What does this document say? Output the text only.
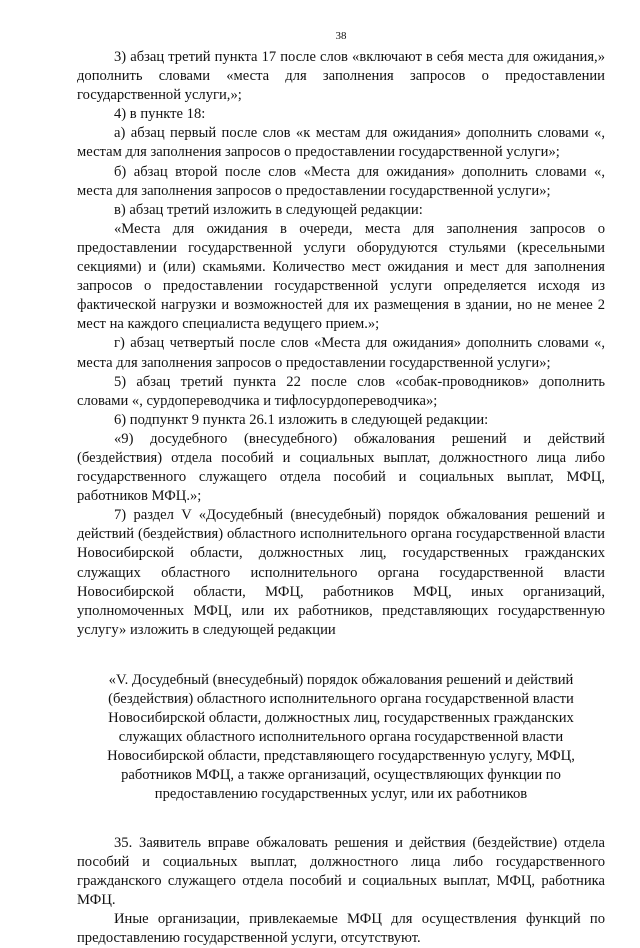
38

3) абзац третий пункта 17 после слов «включают в себя места для ожидания,» дополнить словами «места для заполнения запросов о предоставлении государственной услуги,»;

4) в пункте 18:

а) абзац первый после слов «к местам для ожидания» дополнить словами «, местам для заполнения запросов о предоставлении государственной услуги»;

б) абзац второй после слов «Места для ожидания» дополнить словами «, места для заполнения запросов о предоставлении государственной услуги»;

в) абзац третий изложить в следующей редакции:

«Места для ожидания в очереди, места для заполнения запросов о предоставлении государственной услуги оборудуются стульями (кресельными секциями) и (или) скамьями. Количество мест ожидания и мест для заполнения запросов о предоставлении государственной услуги определяется исходя из фактической нагрузки и возможностей для их размещения в здании, но не менее 2 мест на каждого специалиста ведущего прием.»;

г) абзац четвертый после слов «Места для ожидания» дополнить словами «, места для заполнения запросов о предоставлении государственной услуги»;

5) абзац третий пункта 22 после слов «собак-проводников» дополнить словами «, сурдопереводчика и тифлосурдопереводчика»;

6) подпункт 9 пункта 26.1 изложить в следующей редакции:

«9) досудебного (внесудебного) обжалования решений и действий (бездействия) отдела пособий и социальных выплат, должностного лица либо государственного служащего отдела пособий и социальных выплат, МФЦ, работников МФЦ.»;

7) раздел V «Досудебный (внесудебный) порядок обжалования решений и действий (бездействия) областного исполнительного органа государственной власти Новосибирской области, должностных лиц, государственных гражданских служащих областного исполнительного органа государственной власти Новосибирской области, МФЦ, работников МФЦ, иных организаций, уполномоченных МФЦ, или их работников, представляющих государственную услугу» изложить в следующей редакции

«V. Досудебный (внесудебный) порядок обжалования решений и действий (бездействия) областного исполнительного органа государственной власти Новосибирской области, должностных лиц, государственных гражданских служащих областного исполнительного органа государственной власти Новосибирской области, представляющего государственную услугу, МФЦ, работников МФЦ, а также организаций, осуществляющих функции по предоставлению государственных услуг, или их работников

35. Заявитель вправе обжаловать решения и действия (бездействие) отдела пособий и социальных выплат, должностного лица либо государственного гражданского служащего отдела пособий и социальных выплат, МФЦ, работника МФЦ.

Иные организации, привлекаемые МФЦ для осуществления функций по предоставлению государственной услуги, отсутствуют.
